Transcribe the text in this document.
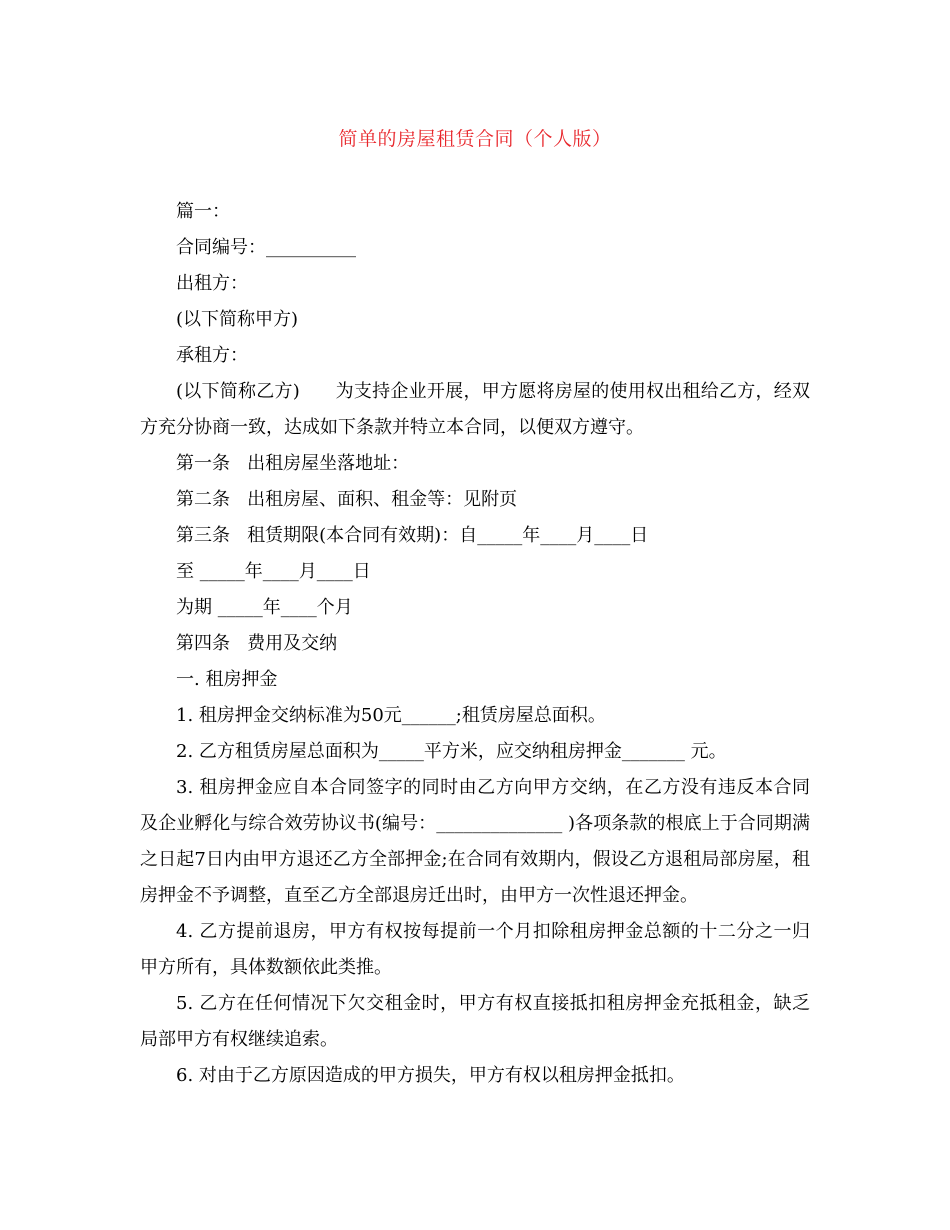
简单的房屋租赁合同（个人版）

篇一：

合同编号：__________

出租方：

(以下简称甲方)

承租方：

(以下简称乙方)      为支持企业开展，甲方愿将房屋的使用权出租给乙方，经双方充分协商一致，达成如下条款并特立本合同，以便双方遵守。

第一条   出租房屋坐落地址：

第二条   出租房屋、面积、租金等：见附页

第三条   租赁期限(本合同有效期)：自_____年____月____日

至 _____年____月____日

为期 _____年____个月

第四条   费用及交纳

一. 租房押金

1. 租房押金交纳标准为50元______;租赁房屋总面积。

2. 乙方租赁房屋总面积为_____平方米，应交纳租房押金_______ 元。

3. 租房押金应自本合同签字的同时由乙方向甲方交纳，在乙方没有违反本合同及企业孵化与综合效劳协议书(编号：______________ )各项条款的根底上于合同期满之日起7日内由甲方退还乙方全部押金;在合同有效期内，假设乙方退租局部房屋，租房押金不予调整，直至乙方全部退房迁出时，由甲方一次性退还押金。

4. 乙方提前退房，甲方有权按每提前一个月扣除租房押金总额的十二分之一归甲方所有，具体数额依此类推。

5. 乙方在任何情况下欠交租金时，甲方有权直接抵扣租房押金充抵租金，缺乏局部甲方有权继续追索。

6. 对由于乙方原因造成的甲方损失，甲方有权以租房押金抵扣。
